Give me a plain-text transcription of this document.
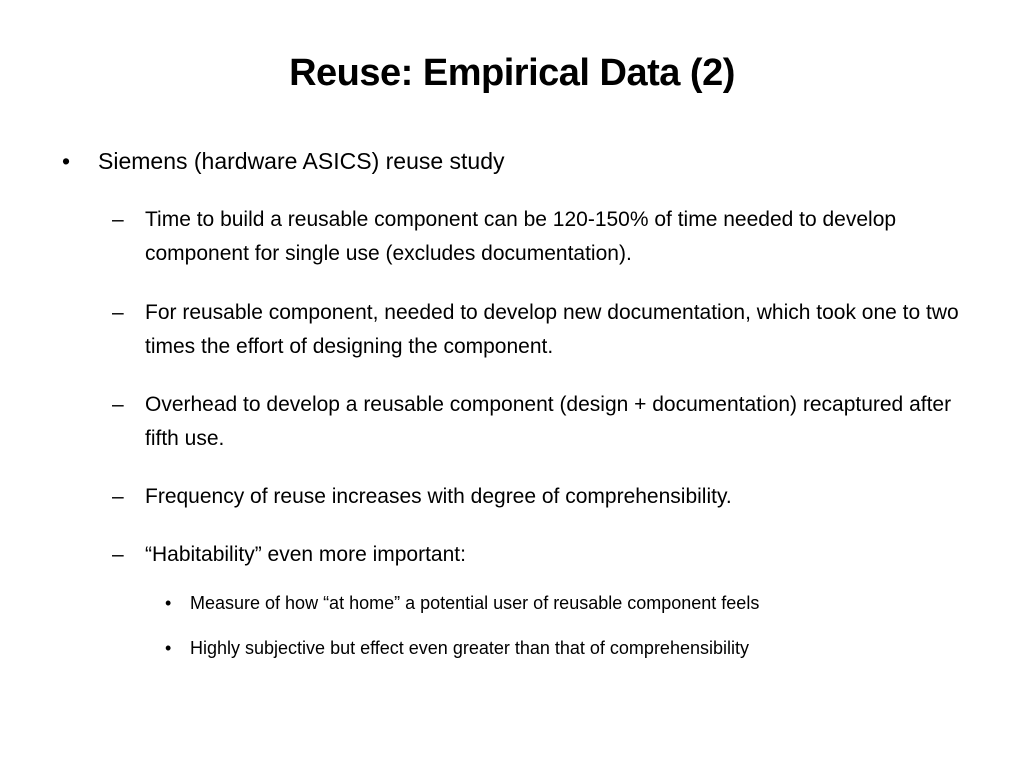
Reuse: Empirical Data (2)
• Siemens (hardware ASICS) reuse study
– Time to build a reusable component can be 120-150% of time needed to develop component for single use (excludes documentation).
– For reusable component, needed to develop new documentation, which took one to two times the effort of designing the component.
– Overhead to develop a reusable component (design + documentation) recaptured after fifth use.
– Frequency of reuse increases with degree of comprehensibility.
– “Habitability” even more important:
• Measure of how “at home” a potential user of reusable component feels
• Highly subjective but effect even greater than that of comprehensibility
